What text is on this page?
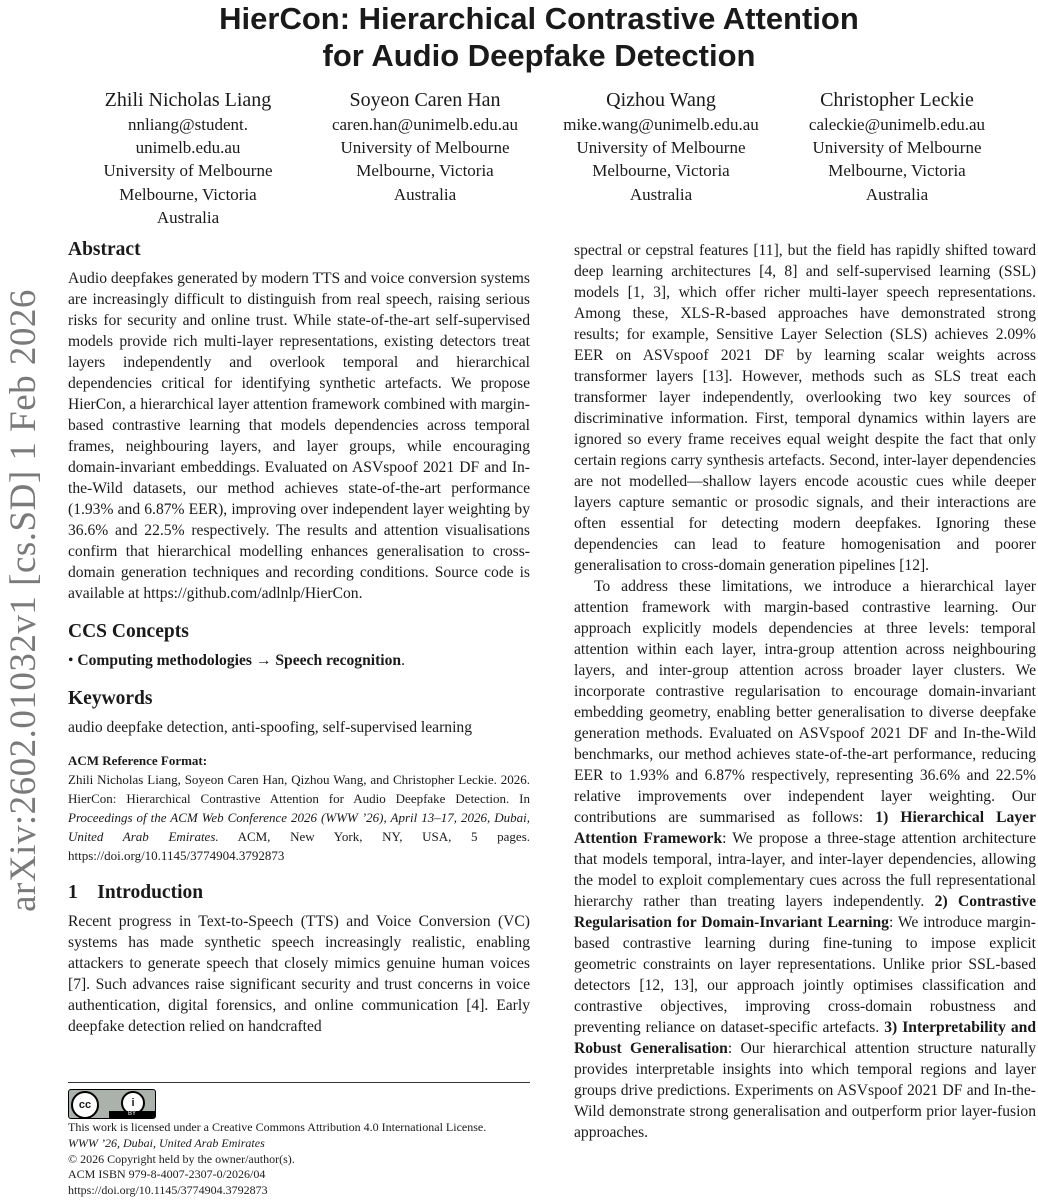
arXiv:2602.01032v1 [cs.SD] 1 Feb 2026
HierCon: Hierarchical Contrastive Attention
for Audio Deepfake Detection
Zhili Nicholas Liang
nnliang@student.
unimelb.edu.au
University of Melbourne
Melbourne, Victoria
Australia
Soyeon Caren Han
caren.han@unimelb.edu.au
University of Melbourne
Melbourne, Victoria
Australia
Qizhou Wang
mike.wang@unimelb.edu.au
University of Melbourne
Melbourne, Victoria
Australia
Christopher Leckie
caleckie@unimelb.edu.au
University of Melbourne
Melbourne, Victoria
Australia
Abstract

Audio deepfakes generated by modern TTS and voice conversion systems are increasingly difficult to distinguish from real speech, raising serious risks for security and online trust. While state-of-the-art self-supervised models provide rich multi-layer representations, existing detectors treat layers independently and overlook temporal and hierarchical dependencies critical for identifying synthetic artefacts. We propose HierCon, a hierarchical layer attention framework combined with margin-based contrastive learning that models dependencies across temporal frames, neighbouring layers, and layer groups, while encouraging domain-invariant embeddings. Evaluated on ASVspoof 2021 DF and In-the-Wild datasets, our method achieves state-of-the-art performance (1.93% and 6.87% EER), improving over independent layer weighting by 36.6% and 22.5% respectively. The results and attention visualisations confirm that hierarchical modelling enhances generalisation to cross-domain generation techniques and recording conditions. Source code is available at https://github.com/adlnlp/HierCon.

CCS Concepts

• Computing methodologies → Speech recognition.

Keywords

audio deepfake detection, anti-spoofing, self-supervised learning

ACM Reference Format:

Zhili Nicholas Liang, Soyeon Caren Han, Qizhou Wang, and Christopher Leckie. 2026. HierCon: Hierarchical Contrastive Attention for Audio Deepfake Detection. In Proceedings of the ACM Web Conference 2026 (WWW ’26), April 13–17, 2026, Dubai, United Arab Emirates. ACM, New York, NY, USA, 5 pages. https://doi.org/10.1145/3774904.3792873

1 Introduction

Recent progress in Text-to-Speech (TTS) and Voice Conversion (VC) systems has made synthetic speech increasingly realistic, enabling attackers to generate speech that closely mimics genuine human voices [7]. Such advances raise significant security and trust concerns in voice authentication, digital forensics, and online communication [4]. Early deepfake detection relied on handcrafted

spectral or cepstral features [11], but the field has rapidly shifted toward deep learning architectures [4, 8] and self-supervised learning (SSL) models [1, 3], which offer richer multi-layer speech representations. Among these, XLS-R-based approaches have demonstrated strong results; for example, Sensitive Layer Selection (SLS) achieves 2.09% EER on ASVspoof 2021 DF by learning scalar weights across transformer layers [13]. However, methods such as SLS treat each transformer layer independently, overlooking two key sources of discriminative information. First, temporal dynamics within layers are ignored so every frame receives equal weight despite the fact that only certain regions carry synthesis artefacts. Second, inter-layer dependencies are not modelled—shallow layers encode acoustic cues while deeper layers capture semantic or prosodic signals, and their interactions are often essential for detecting modern deepfakes. Ignoring these dependencies can lead to feature homogenisation and poorer generalisation to cross-domain generation pipelines [12].

To address these limitations, we introduce a hierarchical layer attention framework with margin-based contrastive learning. Our approach explicitly models dependencies at three levels: temporal attention within each layer, intra-group attention across neighbouring layers, and inter-group attention across broader layer clusters. We incorporate contrastive regularisation to encourage domain-invariant embedding geometry, enabling better generalisation to diverse deepfake generation methods. Evaluated on ASVspoof 2021 DF and In-the-Wild benchmarks, our method achieves state-of-the-art performance, reducing EER to 1.93% and 6.87% respectively, representing 36.6% and 22.5% relative improvements over independent layer weighting. Our contributions are summarised as follows: 1) Hierarchical Layer Attention Framework: We propose a three-stage attention architecture that models temporal, intra-layer, and inter-layer dependencies, allowing the model to exploit complementary cues across the full representational hierarchy rather than treating layers independently. 2) Contrastive Regularisation for Domain-Invariant Learning: We introduce margin-based contrastive learning during fine-tuning to impose explicit geometric constraints on layer representations. Unlike prior SSL-based detectors [12, 13], our approach jointly optimises classification and contrastive objectives, improving cross-domain robustness and preventing reliance on dataset-specific artefacts. 3) Interpretability and Robust Generalisation: Our hierarchical attention structure naturally provides interpretable insights into which temporal regions and layer groups drive predictions. Experiments on ASVspoof 2021 DF and In-the-Wild demonstrate strong generalisation and outperform prior layer-fusion approaches.

cc	i
BY
This work is licensed under a Creative Commons Attribution 4.0 International License.
WWW ’26, Dubai, United Arab Emirates
© 2026 Copyright held by the owner/author(s).
ACM ISBN 979-8-4007-2307-0/2026/04
https://doi.org/10.1145/3774904.3792873
